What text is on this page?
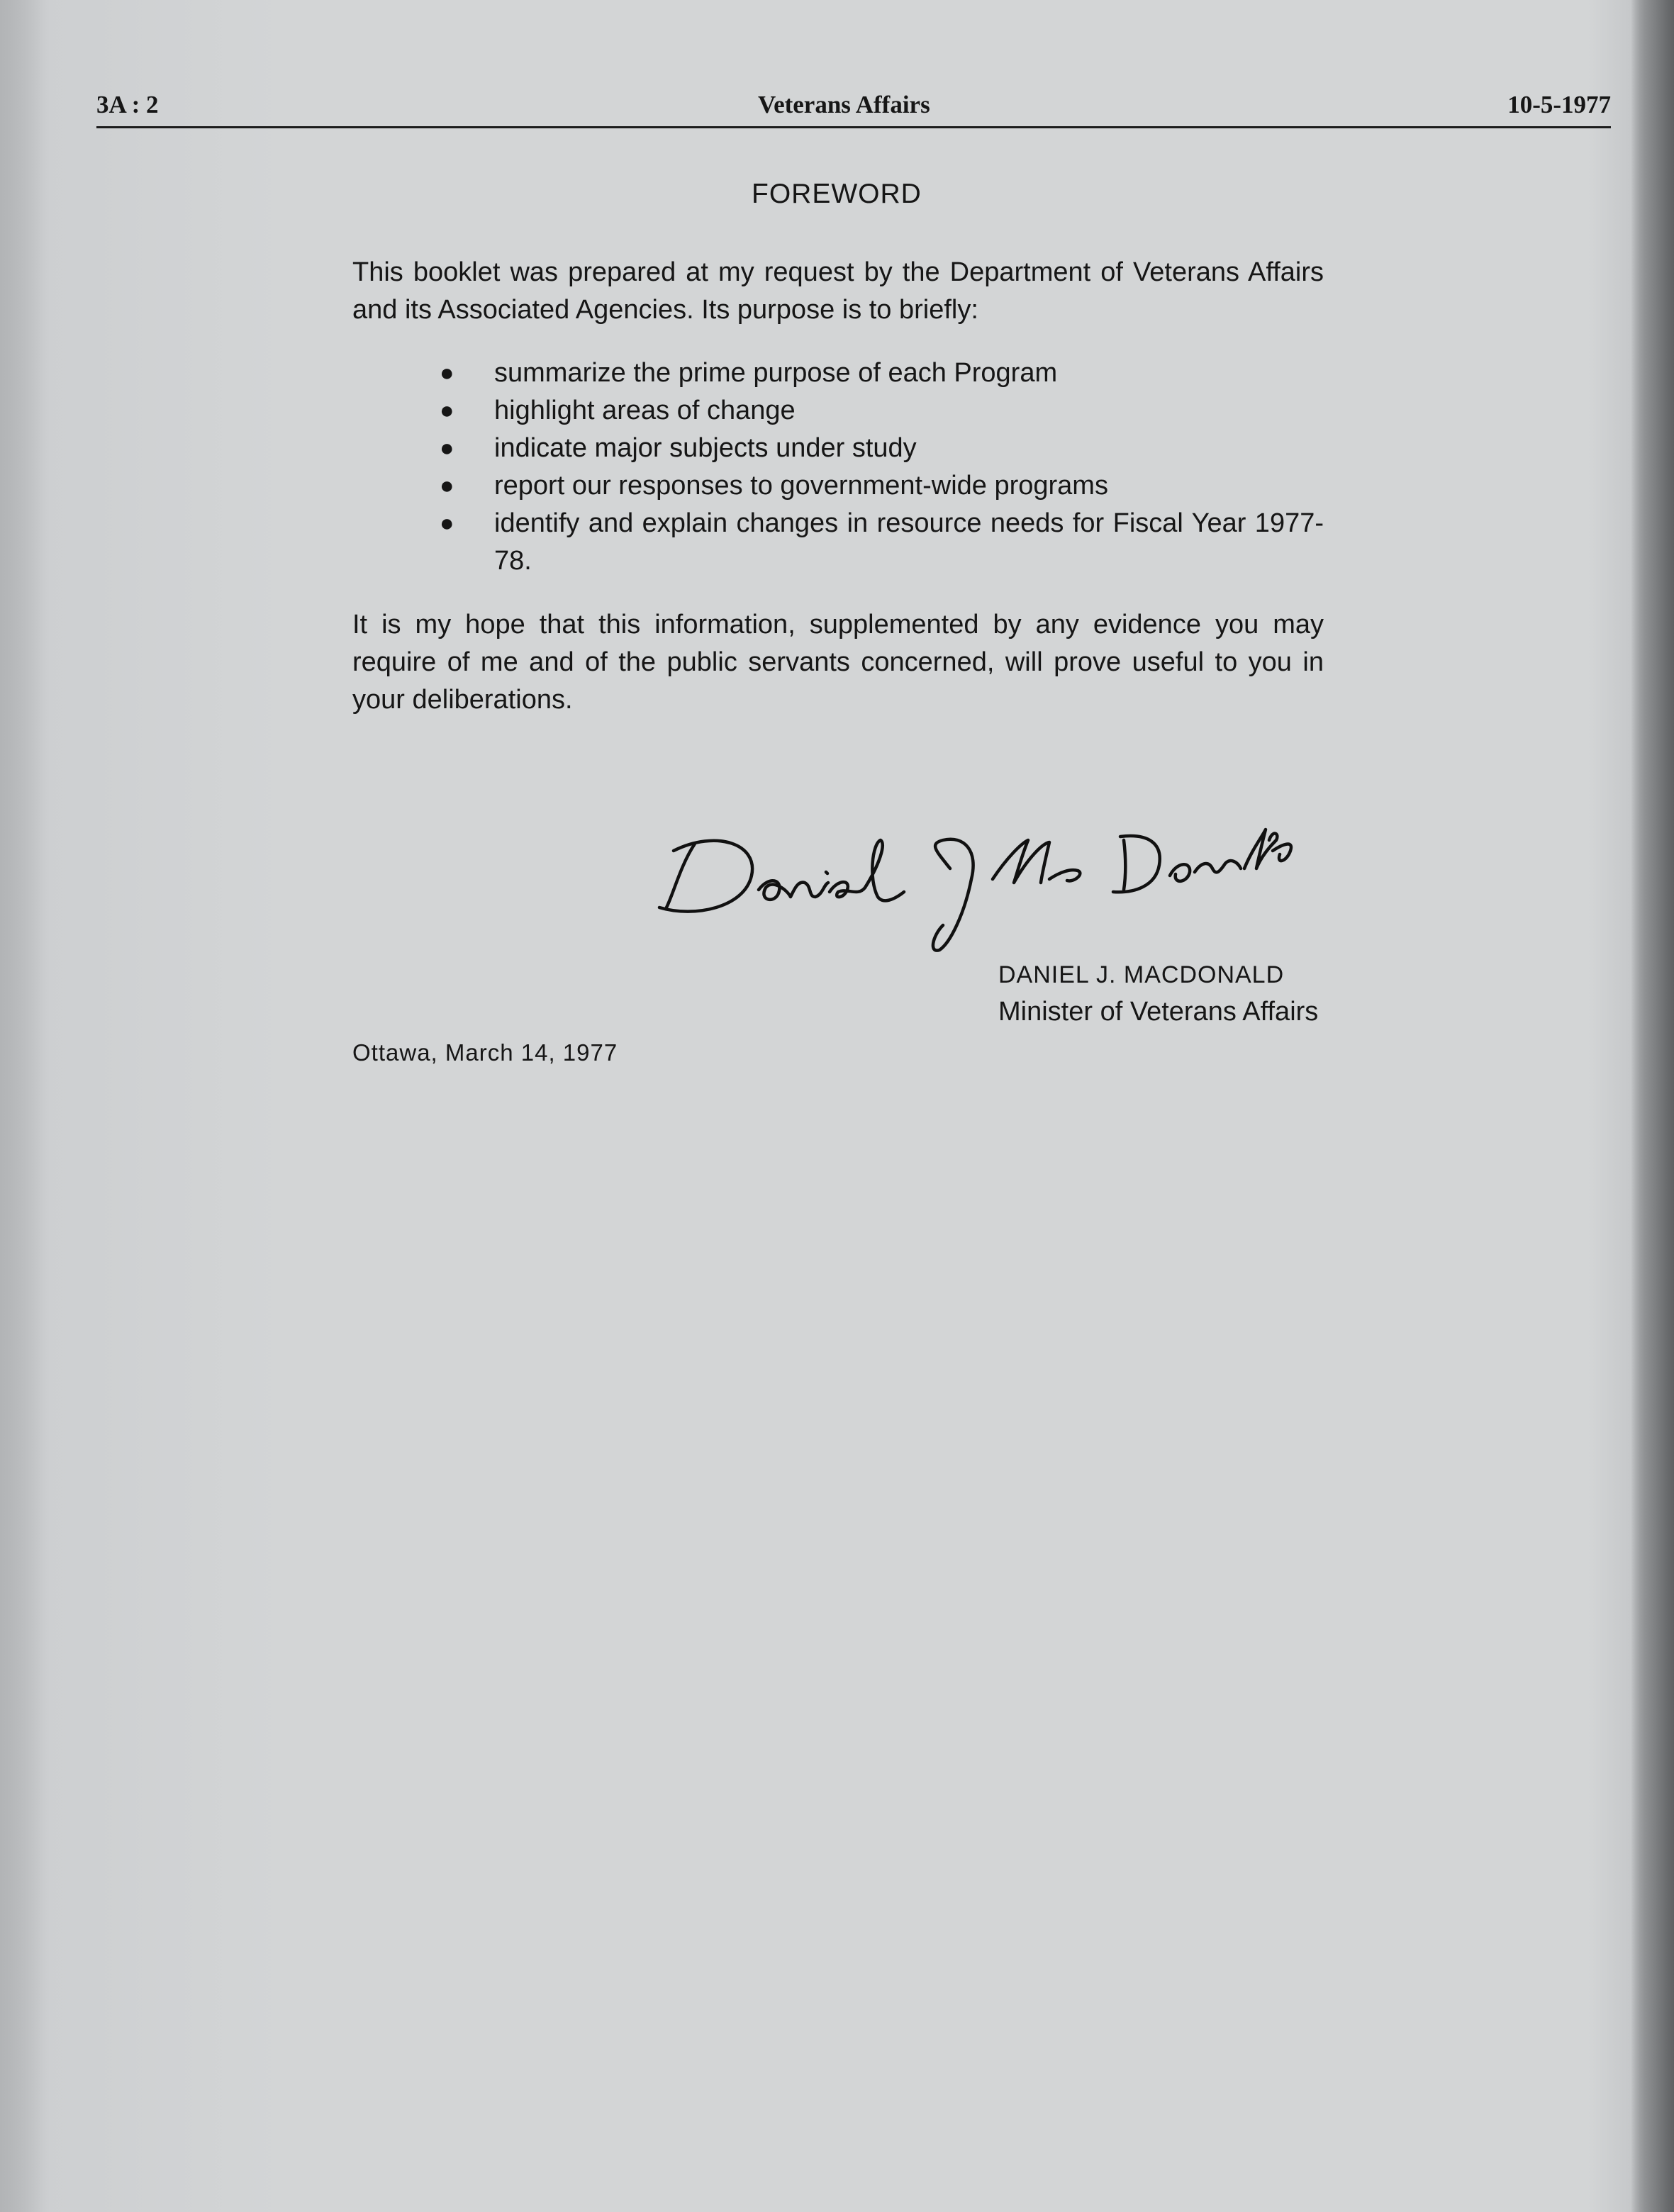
3A : 2	Veterans Affairs	10-5-1977
FOREWORD

This booklet was prepared at my request by the Department of Veterans Affairs and its Associated Agencies. Its purpose is to briefly:

● summarize the prime purpose of each Program
● highlight areas of change
● indicate major subjects under study
● report our responses to government-wide programs
● identify and explain changes in resource needs for Fiscal Year 1977-78.

It is my hope that this information, supplemented by any evidence you may require of me and of the public servants concerned, will prove useful to you in your deliberations.

DANIEL J. MACDONALD
Minister of Veterans Affairs
Ottawa, March 14, 1977
